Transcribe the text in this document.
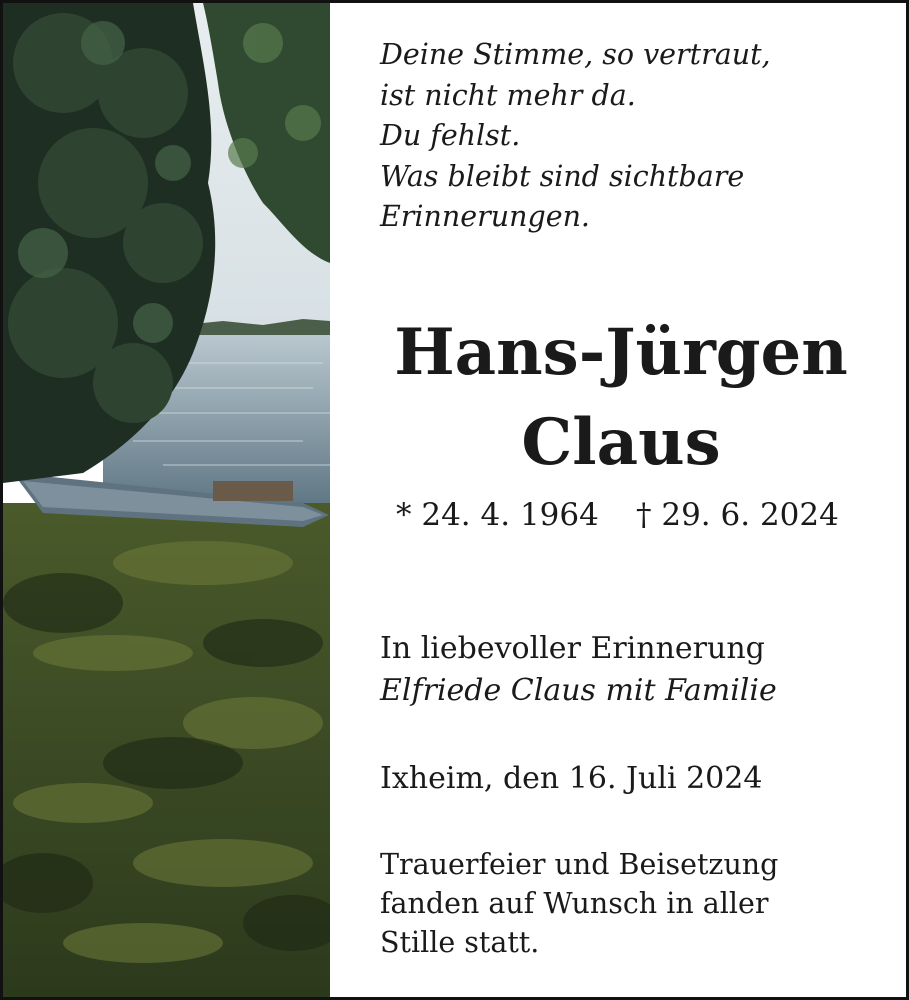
Deine Stimme, so vertraut,
ist nicht mehr da.
Du fehlst.
Was bleibt sind sichtbare
Erinnerungen.
Hans-Jürgen
Claus
* 24. 4. 1964 † 29. 6. 2024
In liebevoller Erinnerung
Elfriede Claus mit Familie
Ixheim, den 16. Juli 2024
Trauerfeier und Beisetzung
fanden auf Wunsch in aller
Stille statt.
